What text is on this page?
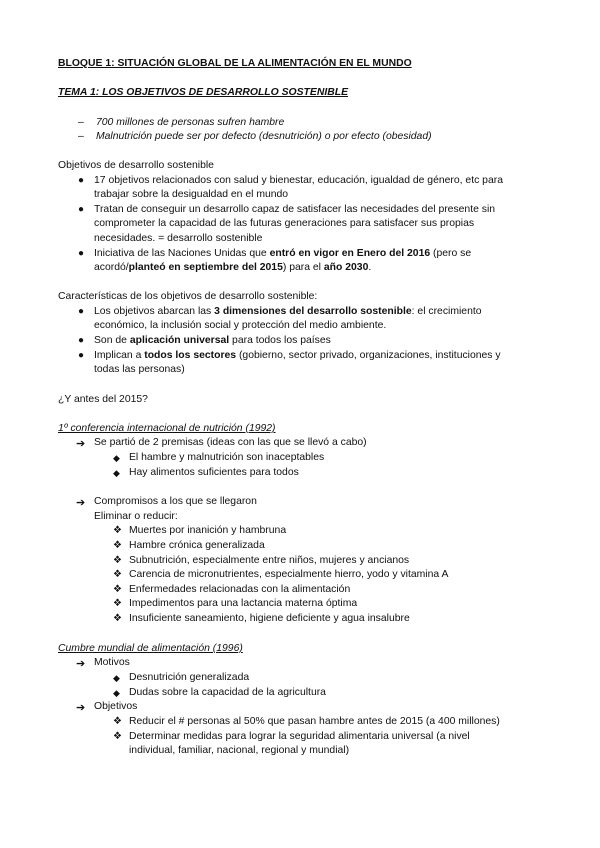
BLOQUE 1: SITUACIÓN GLOBAL DE LA ALIMENTACIÓN EN EL MUNDO
TEMA 1: LOS OBJETIVOS DE DESARROLLO SOSTENIBLE
– 700 millones de personas sufren hambre
– Malnutrición puede ser por defecto (desnutrición) o por efecto (obesidad)
Objetivos de desarrollo sostenible
● 17 objetivos relacionados con salud y bienestar, educación, igualdad de género, etc para
trabajar sobre la desigualdad en el mundo
● Tratan de conseguir un desarrollo capaz de satisfacer las necesidades del presente sin
comprometer la capacidad de las futuras generaciones para satisfacer sus propias
necesidades. = desarrollo sostenible
● Iniciativa de las Naciones Unidas que entró en vigor en Enero del 2016 (pero se
acordó/planteó en septiembre del 2015) para el año 2030.
Características de los objetivos de desarrollo sostenible:
● Los objetivos abarcan las 3 dimensiones del desarrollo sostenible: el crecimiento
económico, la inclusión social y protección del medio ambiente.
● Son de aplicación universal para todos los países
● Implican a todos los sectores (gobierno, sector privado, organizaciones, instituciones y
todas las personas)
¿Y antes del 2015?
1º conferencia internacional de nutrición (1992)
➔ Se partió de 2 premisas (ideas con las que se llevó a cabo)
◆ El hambre y malnutrición son inaceptables
◆ Hay alimentos suficientes para todos
➔ Compromisos a los que se llegaron
Eliminar o reducir:
❖ Muertes por inanición y hambruna
❖ Hambre crónica generalizada
❖ Subnutrición, especialmente entre niños, mujeres y ancianos
❖ Carencia de micronutrientes, especialmente hierro, yodo y vitamina A
❖ Enfermedades relacionadas con la alimentación
❖ Impedimentos para una lactancia materna óptima
❖ Insuficiente saneamiento, higiene deficiente y agua insalubre
Cumbre mundial de alimentación (1996)
➔ Motivos
◆ Desnutrición generalizada
◆ Dudas sobre la capacidad de la agricultura
➔ Objetivos
❖ Reducir el # personas al 50% que pasan hambre antes de 2015 (a 400 millones)
❖ Determinar medidas para lograr la seguridad alimentaria universal (a nivel
individual, familiar, nacional, regional y mundial)
